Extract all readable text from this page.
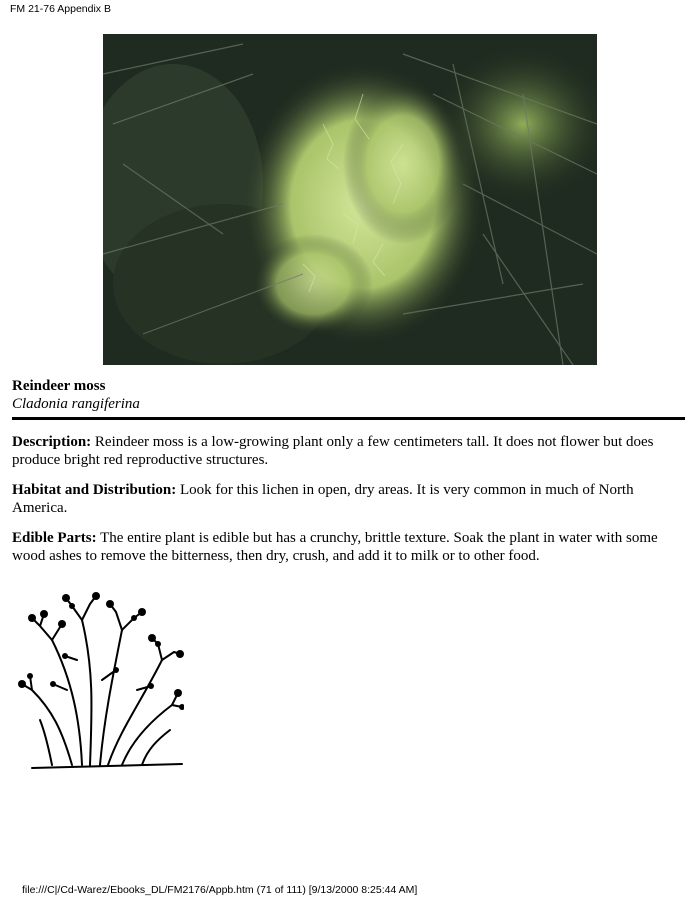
FM 21-76 Appendix B
Reindeer moss
Cladonia rangiferina

Description: Reindeer moss is a low-growing plant only a few centimeters tall. It does not flower but does produce bright red reproductive structures.

Habitat and Distribution: Look for this lichen in open, dry areas. It is very common in much of North America.

Edible Parts: The entire plant is edible but has a crunchy, brittle texture. Soak the plant in water with some wood ashes to remove the bitterness, then dry, crush, and add it to milk or to other food.

file:///C|/Cd-Warez/Ebooks_DL/FM2176/Appb.htm (71 of 111) [9/13/2000 8:25:44 AM]
